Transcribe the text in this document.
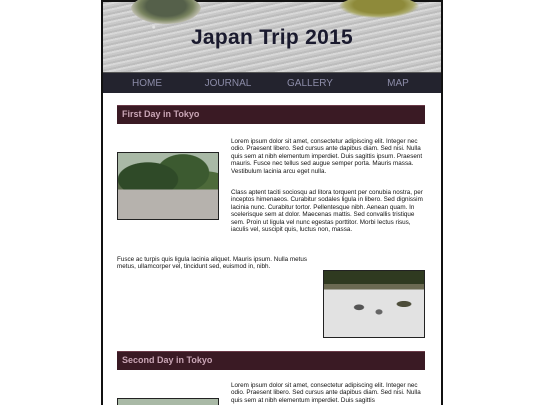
Japan Trip 2015
HOME	JOURNAL	GALLERY	MAP
First Day in Tokyo
Lorem ipsum dolor sit amet, consectetur adipiscing elit. Integer nec odio. Praesent libero. Sed cursus ante dapibus diam. Sed nisi. Nulla quis sem at nibh elementum imperdiet. Duis sagittis ipsum. Praesent mauris. Fusce nec tellus sed augue semper porta. Mauris massa. Vestibulum lacinia arcu eget nulla.
Class aptent taciti sociosqu ad litora torquent per conubia nostra, per inceptos himenaeos. Curabitur sodales ligula in libero. Sed dignissim lacinia nunc. Curabitur tortor. Pellentesque nibh. Aenean quam. In scelerisque sem at dolor. Maecenas mattis. Sed convallis tristique sem. Proin ut ligula vel nunc egestas porttitor. Morbi lectus risus, iaculis vel, suscipit quis, luctus non, massa.
Fusce ac turpis quis ligula lacinia aliquet. Mauris ipsum. Nulla metus metus, ullamcorper vel, tincidunt sed, euismod in, nibh.
Second Day in Tokyo
Lorem ipsum dolor sit amet, consectetur adipiscing elit. Integer nec odio. Praesent libero. Sed cursus ante dapibus diam. Sed nisi. Nulla quis sem at nibh elementum imperdiet. Duis sagittis
